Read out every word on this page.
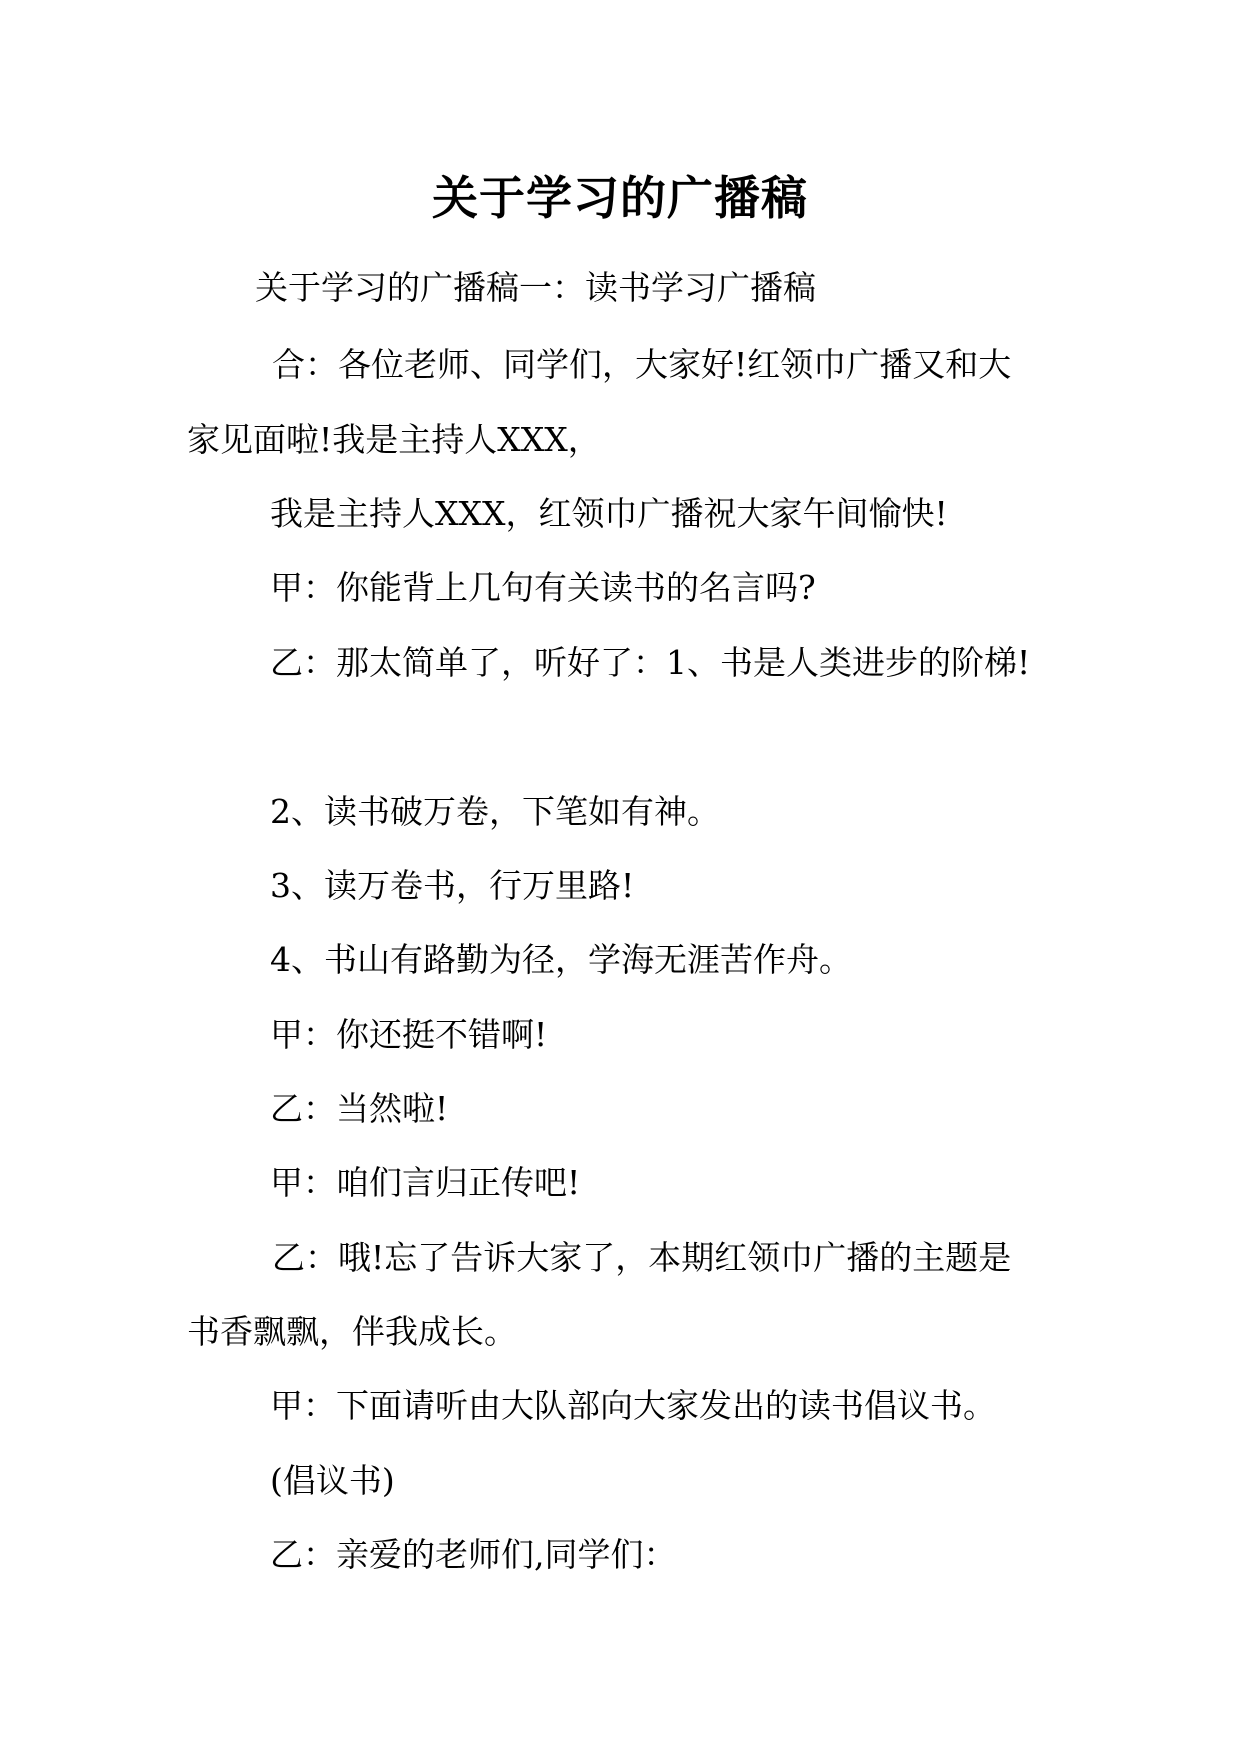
关于学习的广播稿
关于学习的广播稿一：读书学习广播稿
合：各位老师、同学们，大家好!红领巾广播又和大
家见面啦!我是主持人XXX，
我是主持人XXX，红领巾广播祝大家午间愉快!
甲：你能背上几句有关读书的名言吗?
乙：那太简单了，听好了：1、书是人类进步的阶梯!
2、读书破万卷，下笔如有神。
3、读万卷书，行万里路!
4、书山有路勤为径，学海无涯苦作舟。
甲：你还挺不错啊!
乙：当然啦!
甲：咱们言归正传吧!
乙：哦!忘了告诉大家了，本期红领巾广播的主题是
书香飘飘，伴我成长。
甲：下面请听由大队部向大家发出的读书倡议书。
(倡议书)
乙：亲爱的老师们,同学们：
